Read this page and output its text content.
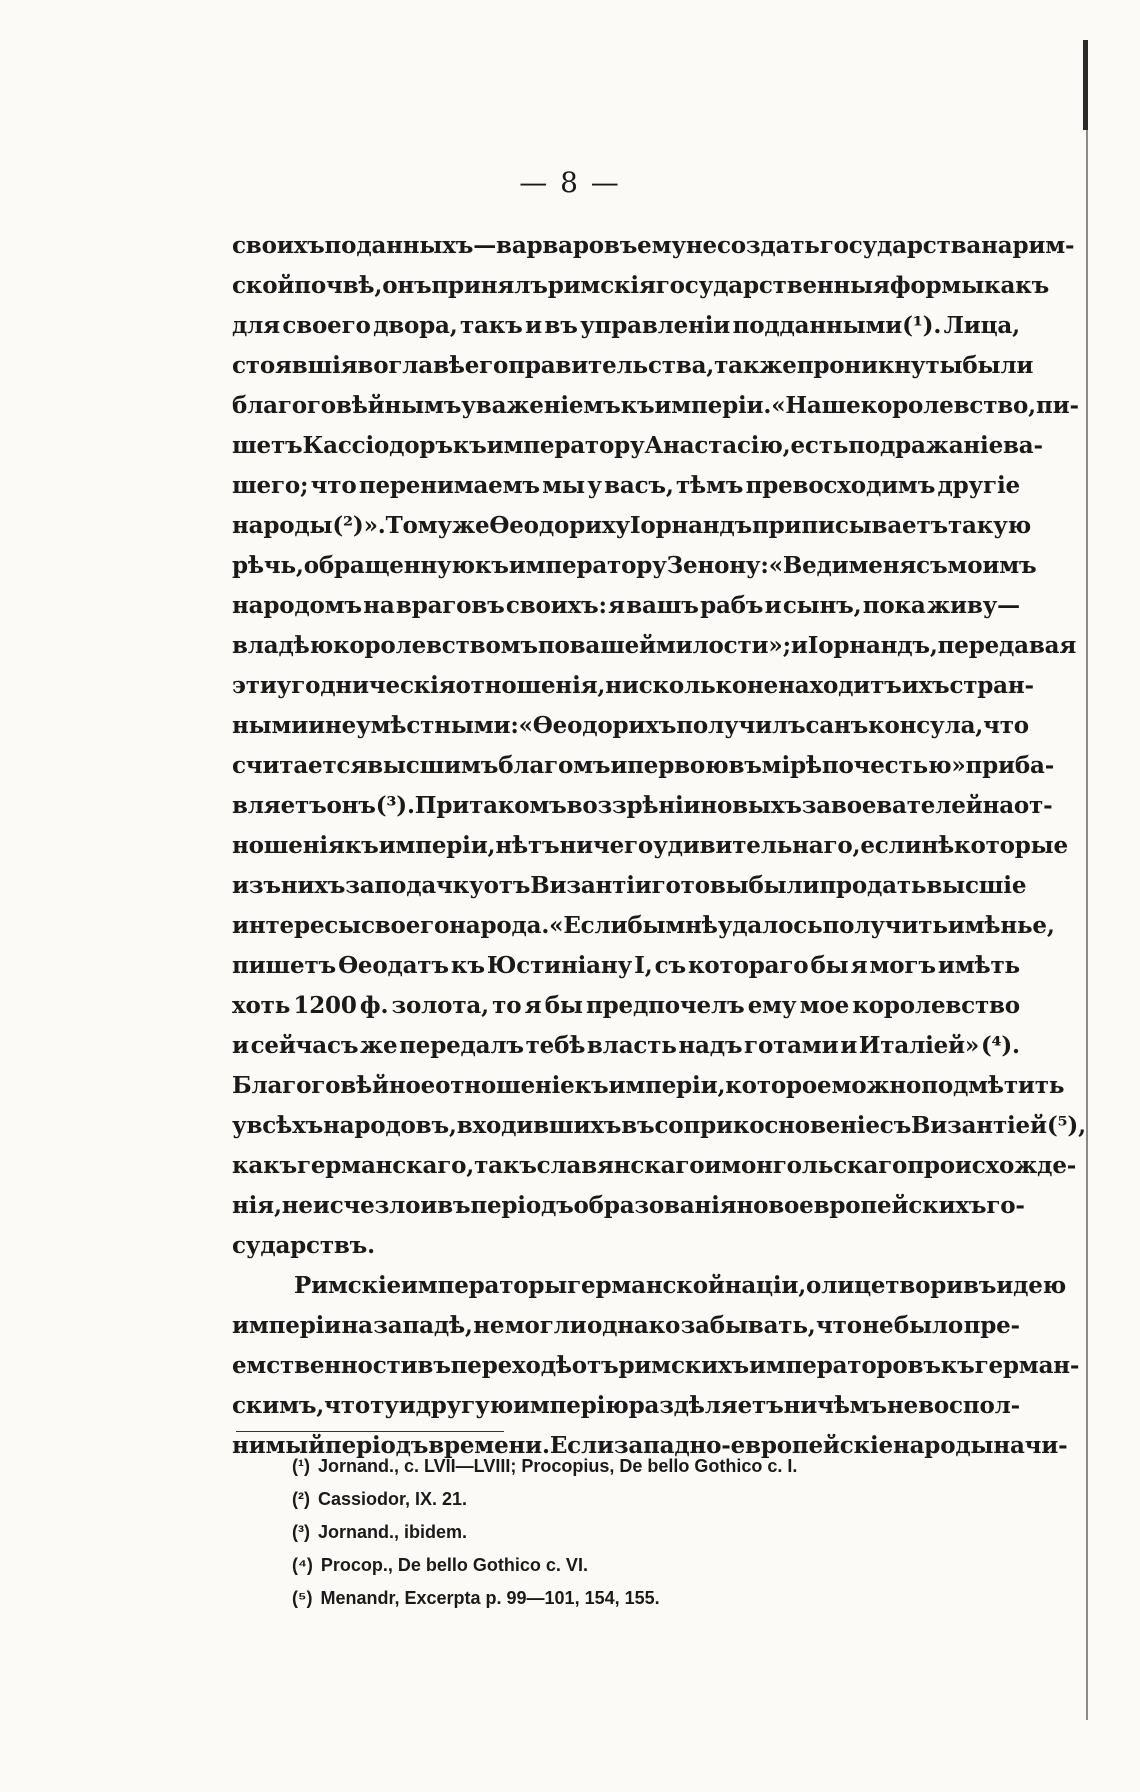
— 8 —
своихъ поданныхъ—варваровъ ему не создать государства на рим-
ской почвѣ, онъ принялъ римскія государственныя формы какъ
для своего двора, такъ и въ управленіи подданными(¹). Лица,
стоявшія во главѣ его правительства, также проникнуты были
благоговѣйнымъ уваженіемъ къ имперіи. «Наше королевство, пи-
шетъ Кассіодоръ къ императору Анастасію, есть подражаніе ва-
шего; что перенимаемъ мы у васъ, тѣмъ превосходимъ другіе
народы(²)». Тому же Ѳеодориху Іорнандъ приписываетъ такую
рѣчь, обращенную къ императору Зенону: «Веди меня съ моимъ
народомъ на враговъ своихъ: я вашъ рабъ и сынъ, пока живу—
владѣю королевствомъ по вашей милости»; и Іорнандъ, передавая
эти угодническія отношенія, нисколько не находитъ ихъ стран-
ными и неумѣстными: «Ѳеодорихъ получилъ санъ консула, что
считается высшимъ благомъ и первою въ мірѣ почестью» приба-
вляетъ онъ(³). При такомъ воззрѣніи новыхъ завоевателей на от-
ношенія къ имперіи, нѣтъ ничего удивительнаго, если нѣкоторые
изъ нихъ за подачку отъ Византіи готовы были продать высшіе
интересы своего народа. «Если бы мнѣ удалось получить имѣнье,
пишетъ Ѳеодатъ къ Юстиніану I, съ котораго бы я могъ имѣть
хоть 1200 ф. золота, то я бы предпочелъ ему мое королевство
и сейчасъ же передалъ тебѣ власть надъ готами и Италіей» (⁴).
Благоговѣйное отношеніе къ имперіи, которое можно подмѣтить
у всѣхъ народовъ, входившихъ въ соприкосновеніе съ Византіей (⁵),
какъ германскаго, такъ славянскаго и монгольскаго происхожде-
нія, не исчезло и въ періодъ образованія новоевропейскихъ го-
сударствъ.
Римскіе императоры германской націи, олицетворивъ идею
имперіи на западѣ, не могли однако забывать, что не было пре-
емственности въ переходѣ отъ римскихъ императоровъ къ герман-
скимъ, что ту и другую имперію раздѣляетъ ничѣмъ не воспол-
нимый періодъ времени. Если западно-европейскіе народы начи-
(¹) Jornand., c. LVII—LVIII; Procopius, De bello Gothico c. I.
(²) Cassiodor, IX. 21.
(³) Jornand., ibidem.
(⁴) Procop., De bello Gothico c. VI.
(⁵) Menandr, Excerpta p. 99—101, 154, 155.
